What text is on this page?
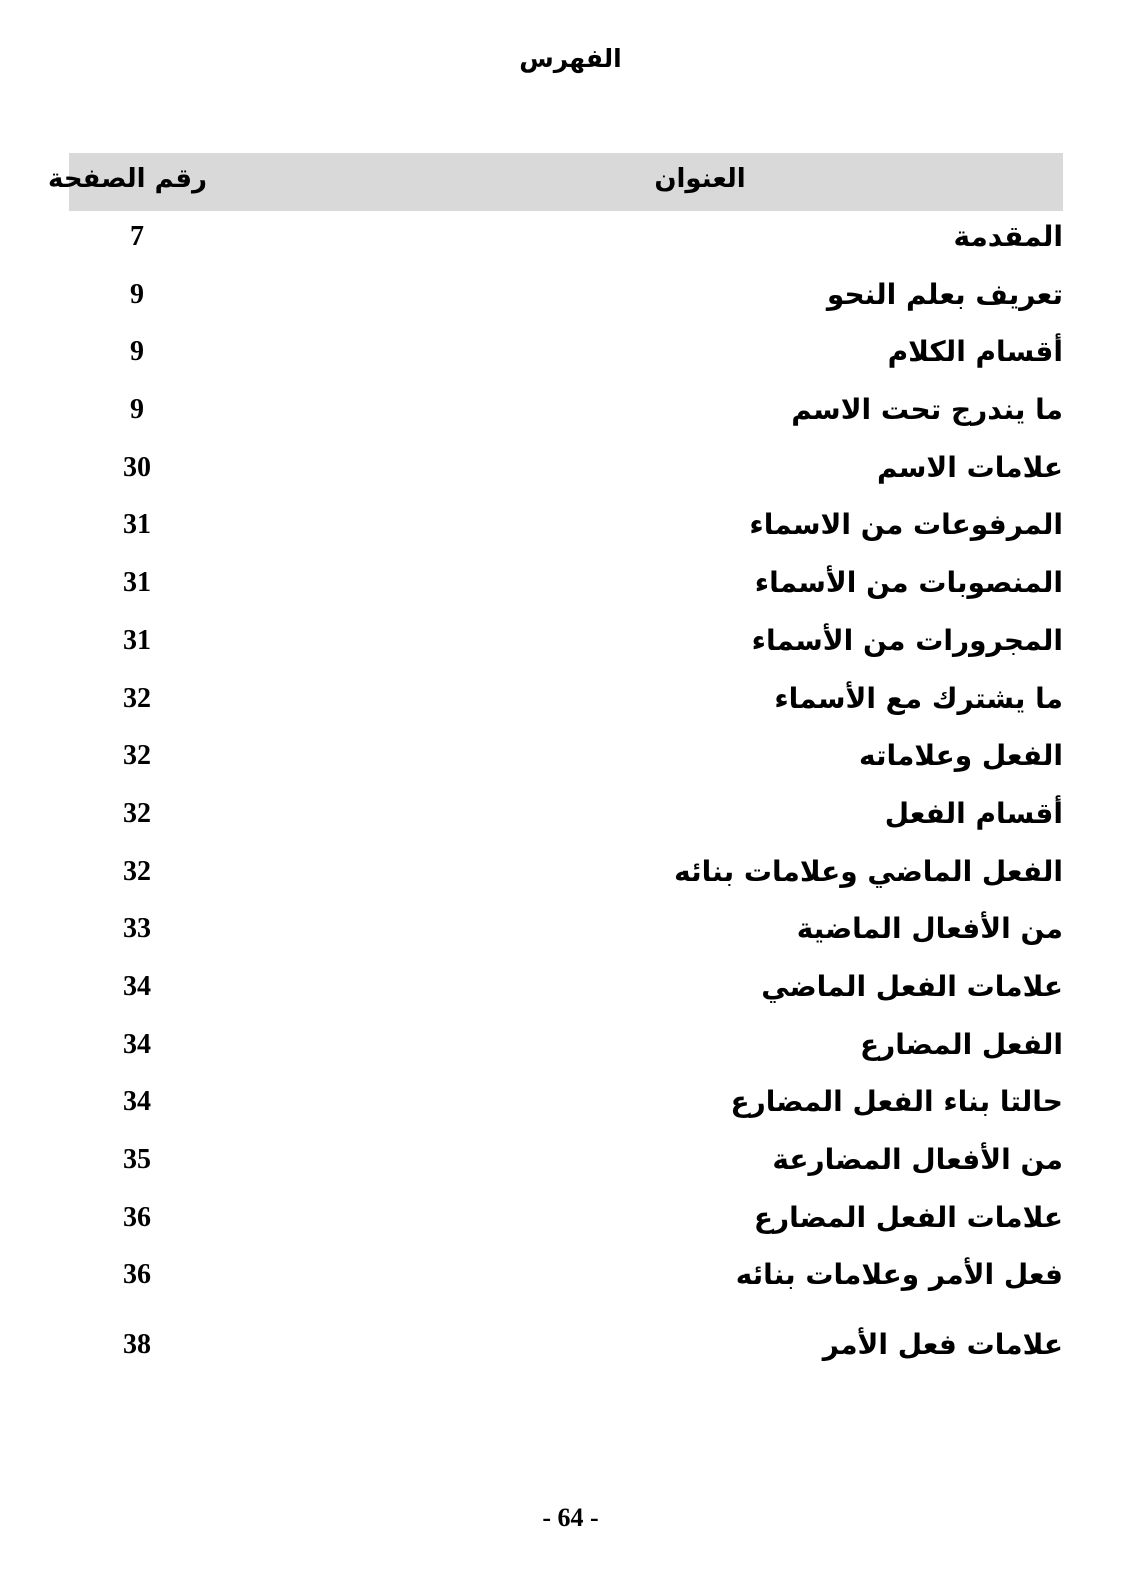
الفهرس
العنوان
رقم الصفحة
المقدمة
7
تعريف بعلم النحو
9
أقسام الكلام
9
ما يندرج تحت الاسم
9
علامات الاسم
30
المرفوعات من الاسماء
31
المنصوبات من الأسماء
31
المجرورات من الأسماء
31
ما يشترك مع الأسماء
32
الفعل وعلاماته
32
أقسام الفعل
32
الفعل الماضي وعلامات بنائه
32
من الأفعال الماضية
33
علامات الفعل الماضي
34
الفعل المضارع
34
حالتا بناء الفعل المضارع
34
من الأفعال المضارعة
35
علامات الفعل المضارع
36
فعل الأمر وعلامات بنائه
36
علامات فعل الأمر
38
- 64 -
